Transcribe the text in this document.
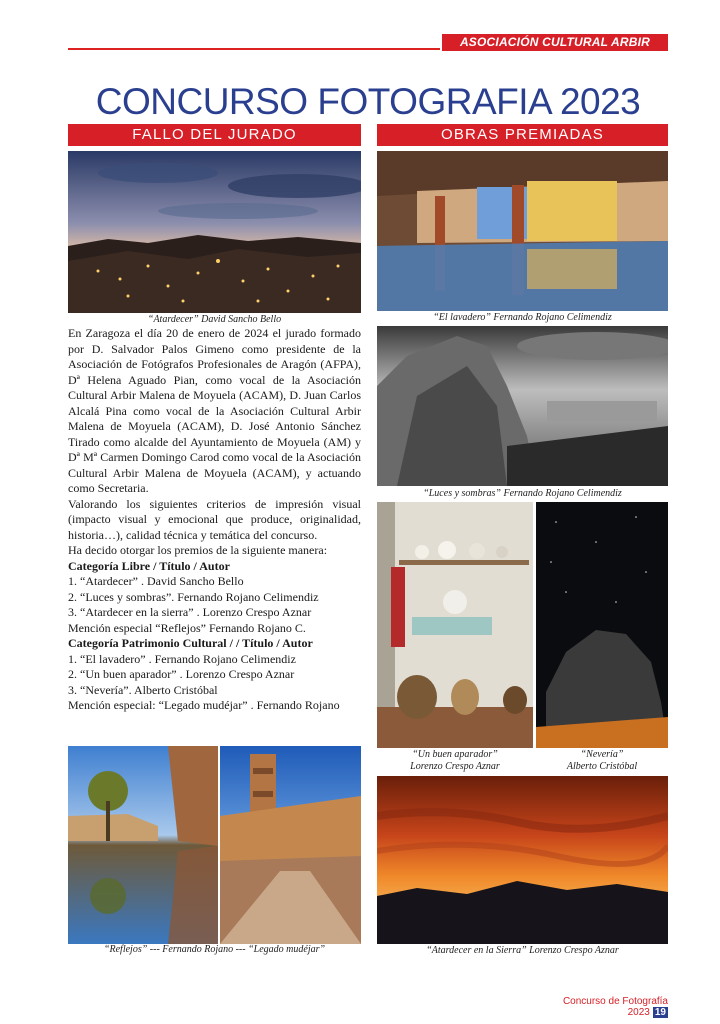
ASOCIACIÓN CULTURAL ARBIR MALENA
CONCURSO FOTOGRAFIA 2023
FALLO DEL JURADO	OBRAS PREMIADAS
“Atardecer” David Sancho Bello

En Zaragoza el día 20 de enero de 2024 el jurado formado por D. Salvador Palos Gimeno como presidente de la Asociación de Fotógrafos Profesionales de Aragón (AFPA), Dª Helena Aguado Pian, como vocal de la Asociación Cultural Arbir Malena de Moyuela (ACAM), D. Juan Carlos Alcalá Pina como vocal de la Asociación Cultural Arbir Malena de Moyuela (ACAM), D. José Antonio Sánchez Tirado como alcalde del Ayuntamiento de Moyuela (AM) y Dª Mª Carmen Domingo Carod como vocal de la Asociación Cultural Arbir Malena de Moyuela (ACAM), y actuando como Secretaria.

Valorando los siguientes criterios de impresión visual (impacto visual y emocional que produce, originalidad, historia…), calidad técnica y temática del concurso.

Ha decido otorgar los premios de la siguiente manera:

Categoría Libre / Título / Autor

1. “Atardecer” . David Sancho Bello

2. “Luces y sombras”. Fernando Rojano Celimendiz

3. “Atardecer en la sierra” . Lorenzo Crespo Aznar

Mención especial “Reflejos” Fernando Rojano C.

Categoría Patrimonio Cultural / / Título / Autor

1. “El lavadero” . Fernando Rojano Celimendiz

2. “Un buen aparador” . Lorenzo Crespo Aznar

3. “Nevería”. Alberto Cristóbal

Mención especial: “Legado mudéjar” . Fernando Rojano

“Reflejos” --- Fernando Rojano --- “Legado mudéjar”
“El lavadero” Fernando Rojano Celimendiz
“Luces y sombras” Fernando Rojano Celimendiz
“Un buen aparador”
Lorenzo Crespo Aznar
“Nevería”
Alberto Cristóbal
“Atardecer en la Sierra” Lorenzo Crespo Aznar
Concurso de Fotografía 2023 19
